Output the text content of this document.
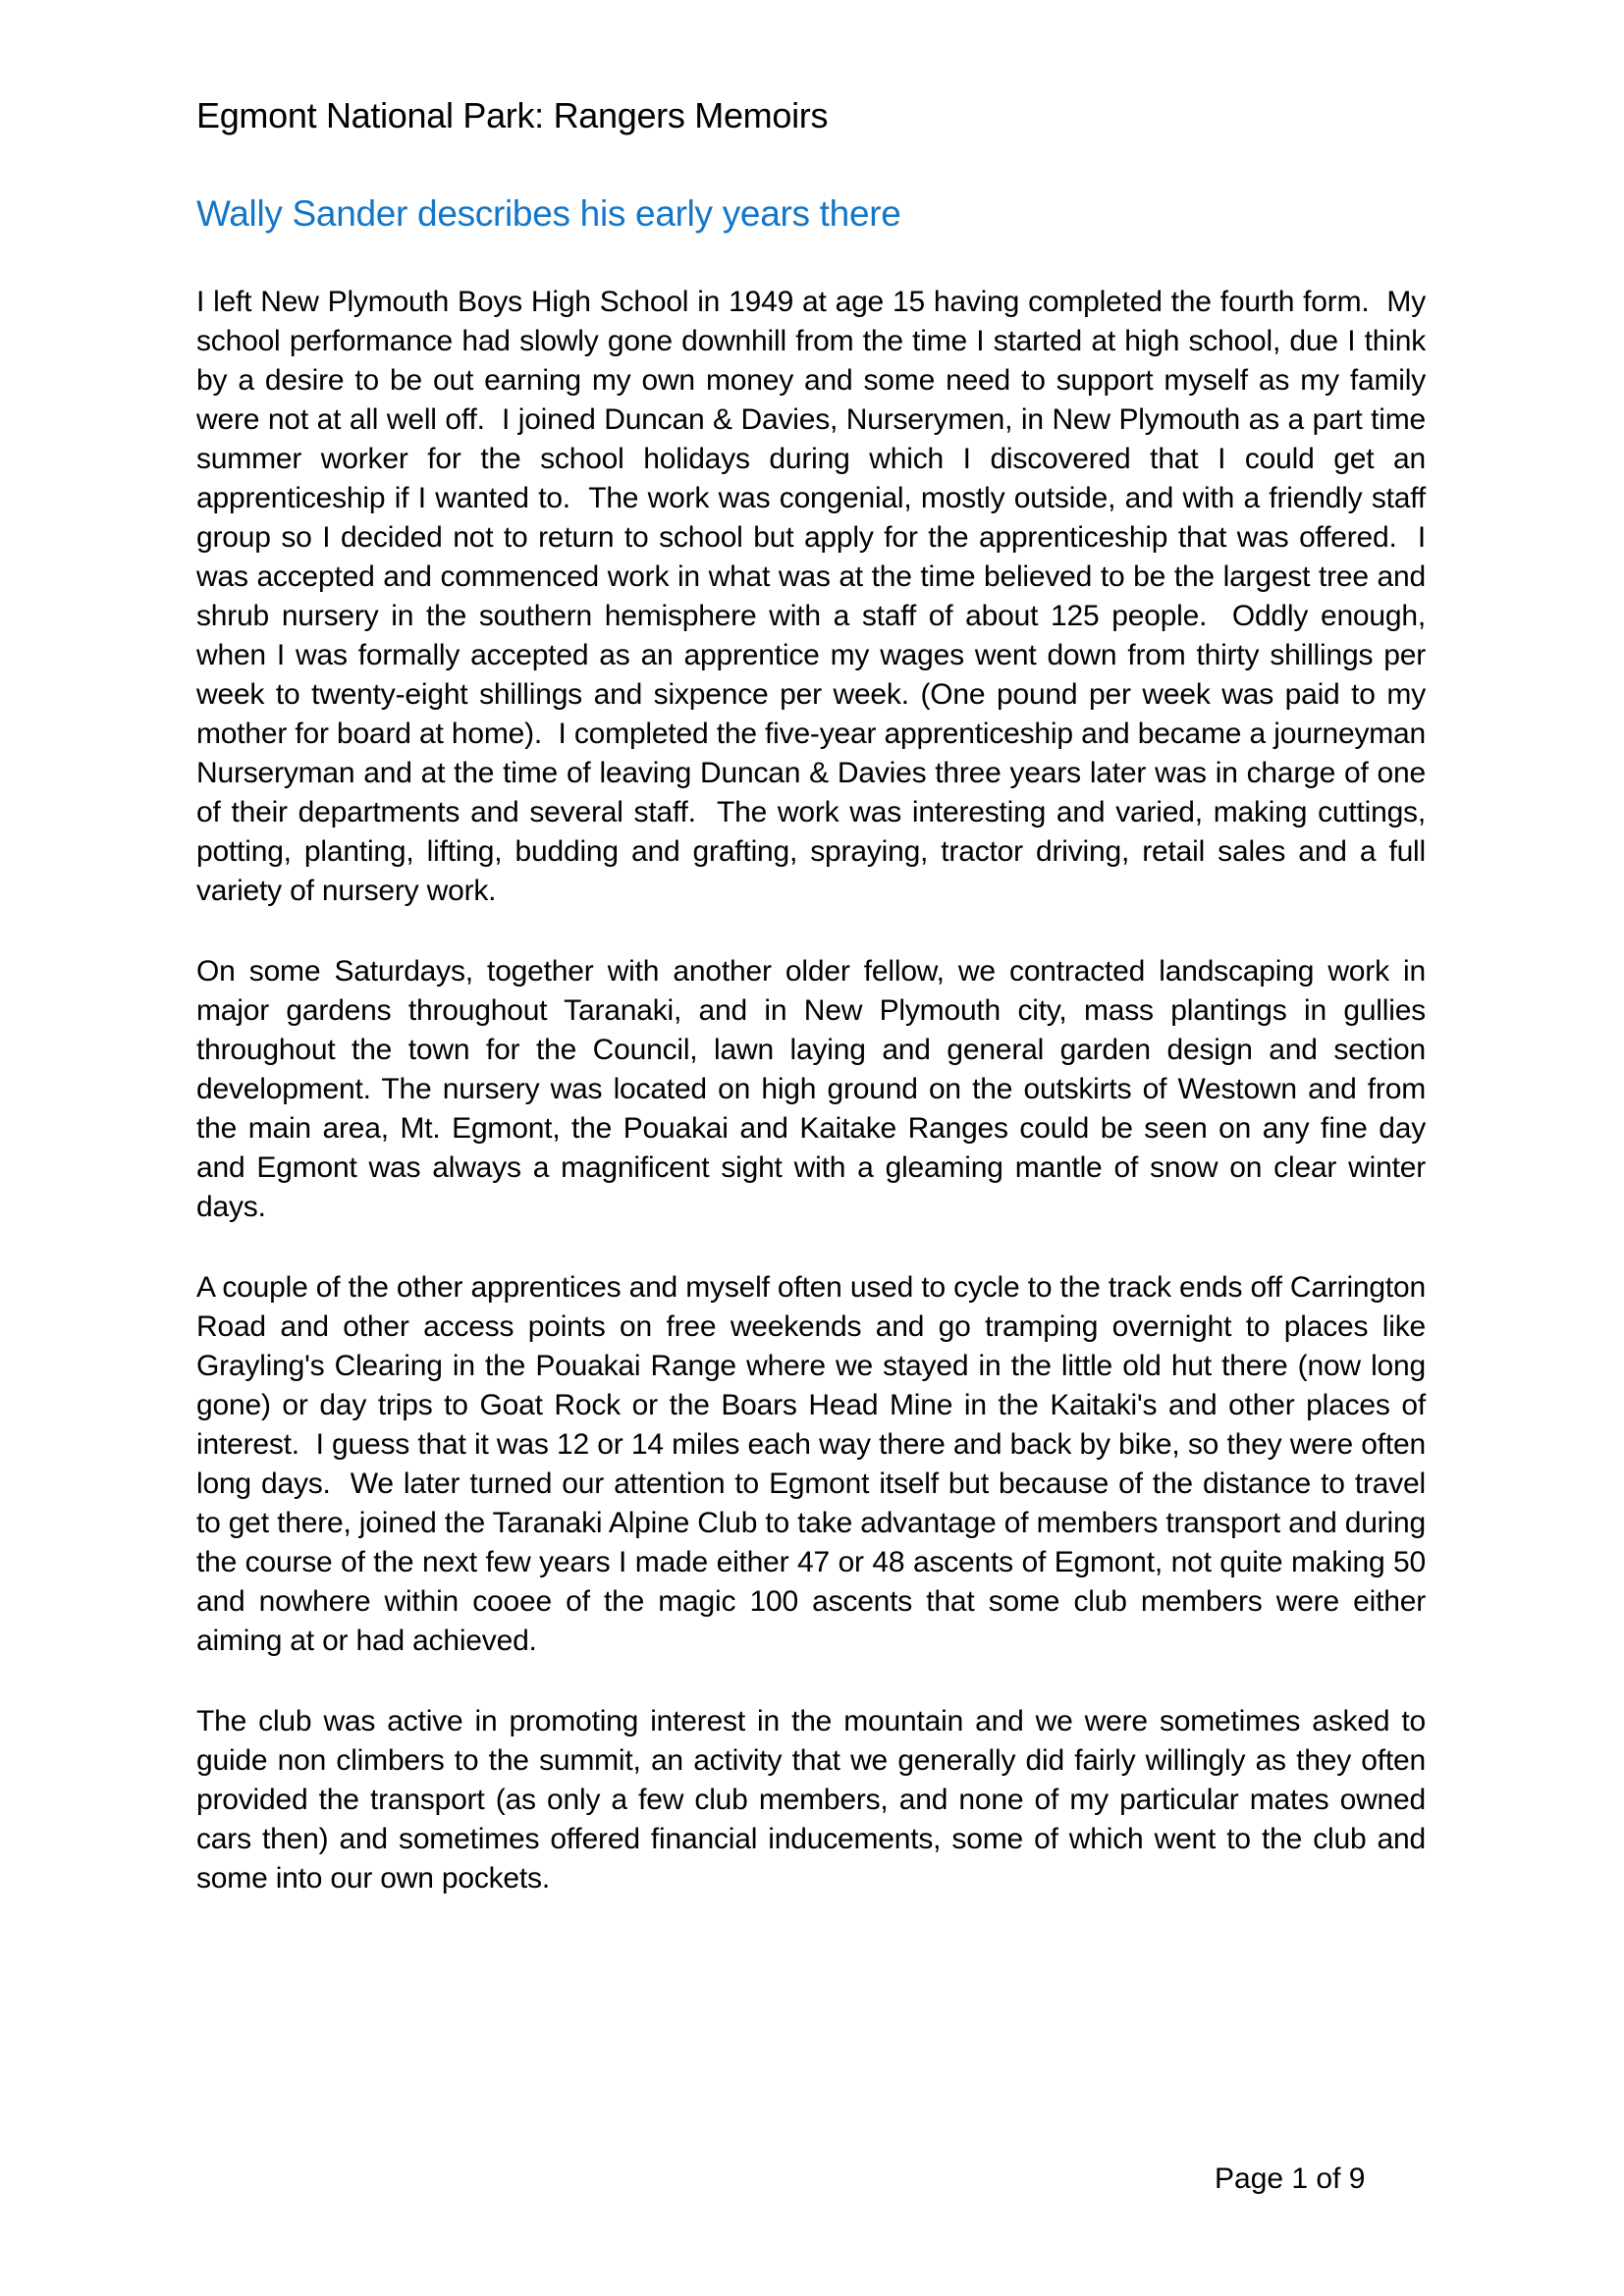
Egmont National Park: Rangers Memoirs
Wally Sander describes his early years there

I left New Plymouth Boys High School in 1949 at age 15 having completed the fourth form.  My school performance had slowly gone downhill from the time I started at high school, due I think by a desire to be out earning my own money and some need to support myself as my family were not at all well off.  I joined Duncan & Davies, Nurserymen, in New Plymouth as a part time summer worker for the school holidays during which I discovered that I could get an apprenticeship if I wanted to.  The work was congenial, mostly outside, and with a friendly staff group so I decided not to return to school but apply for the apprenticeship that was offered.  I was accepted and commenced work in what was at the time believed to be the largest tree and shrub nursery in the southern hemisphere with a staff of about 125 people.  Oddly enough, when I was formally accepted as an apprentice my wages went down from thirty shillings per week to twenty-eight shillings and sixpence per week. (One pound per week was paid to my mother for board at home).  I completed the five-year apprenticeship and became a journeyman Nurseryman and at the time of leaving Duncan & Davies three years later was in charge of one of their departments and several staff.  The work was interesting and varied, making cuttings, potting, planting, lifting, budding and grafting, spraying, tractor driving, retail sales and a full variety of nursery work.

On some Saturdays, together with another older fellow, we contracted landscaping work in major gardens throughout Taranaki, and in New Plymouth city, mass plantings in gullies throughout the town for the Council, lawn laying and general garden design and section development. The nursery was located on high ground on the outskirts of Westown and from the main area, Mt. Egmont, the Pouakai and Kaitake Ranges could be seen on any fine day and Egmont was always a magnificent sight with a gleaming mantle of snow on clear winter days.

A couple of the other apprentices and myself often used to cycle to the track ends off Carrington Road and other access points on free weekends and go tramping overnight to places like Grayling's Clearing in the Pouakai Range where we stayed in the little old hut there (now long gone) or day trips to Goat Rock or the Boars Head Mine in the Kaitaki's and other places of interest.  I guess that it was 12 or 14 miles each way there and back by bike, so they were often long days.  We later turned our attention to Egmont itself but because of the distance to travel to get there, joined the Taranaki Alpine Club to take advantage of members transport and during the course of the next few years I made either 47 or 48 ascents of Egmont, not quite making 50 and nowhere within cooee of the magic 100 ascents that some club members were either aiming at or had achieved.

The club was active in promoting interest in the mountain and we were sometimes asked to guide non climbers to the summit, an activity that we generally did fairly willingly as they often provided the transport (as only a few club members, and none of my particular mates owned cars then) and sometimes offered financial inducements, some of which went to the club and some into our own pockets.

Page 1 of 9
